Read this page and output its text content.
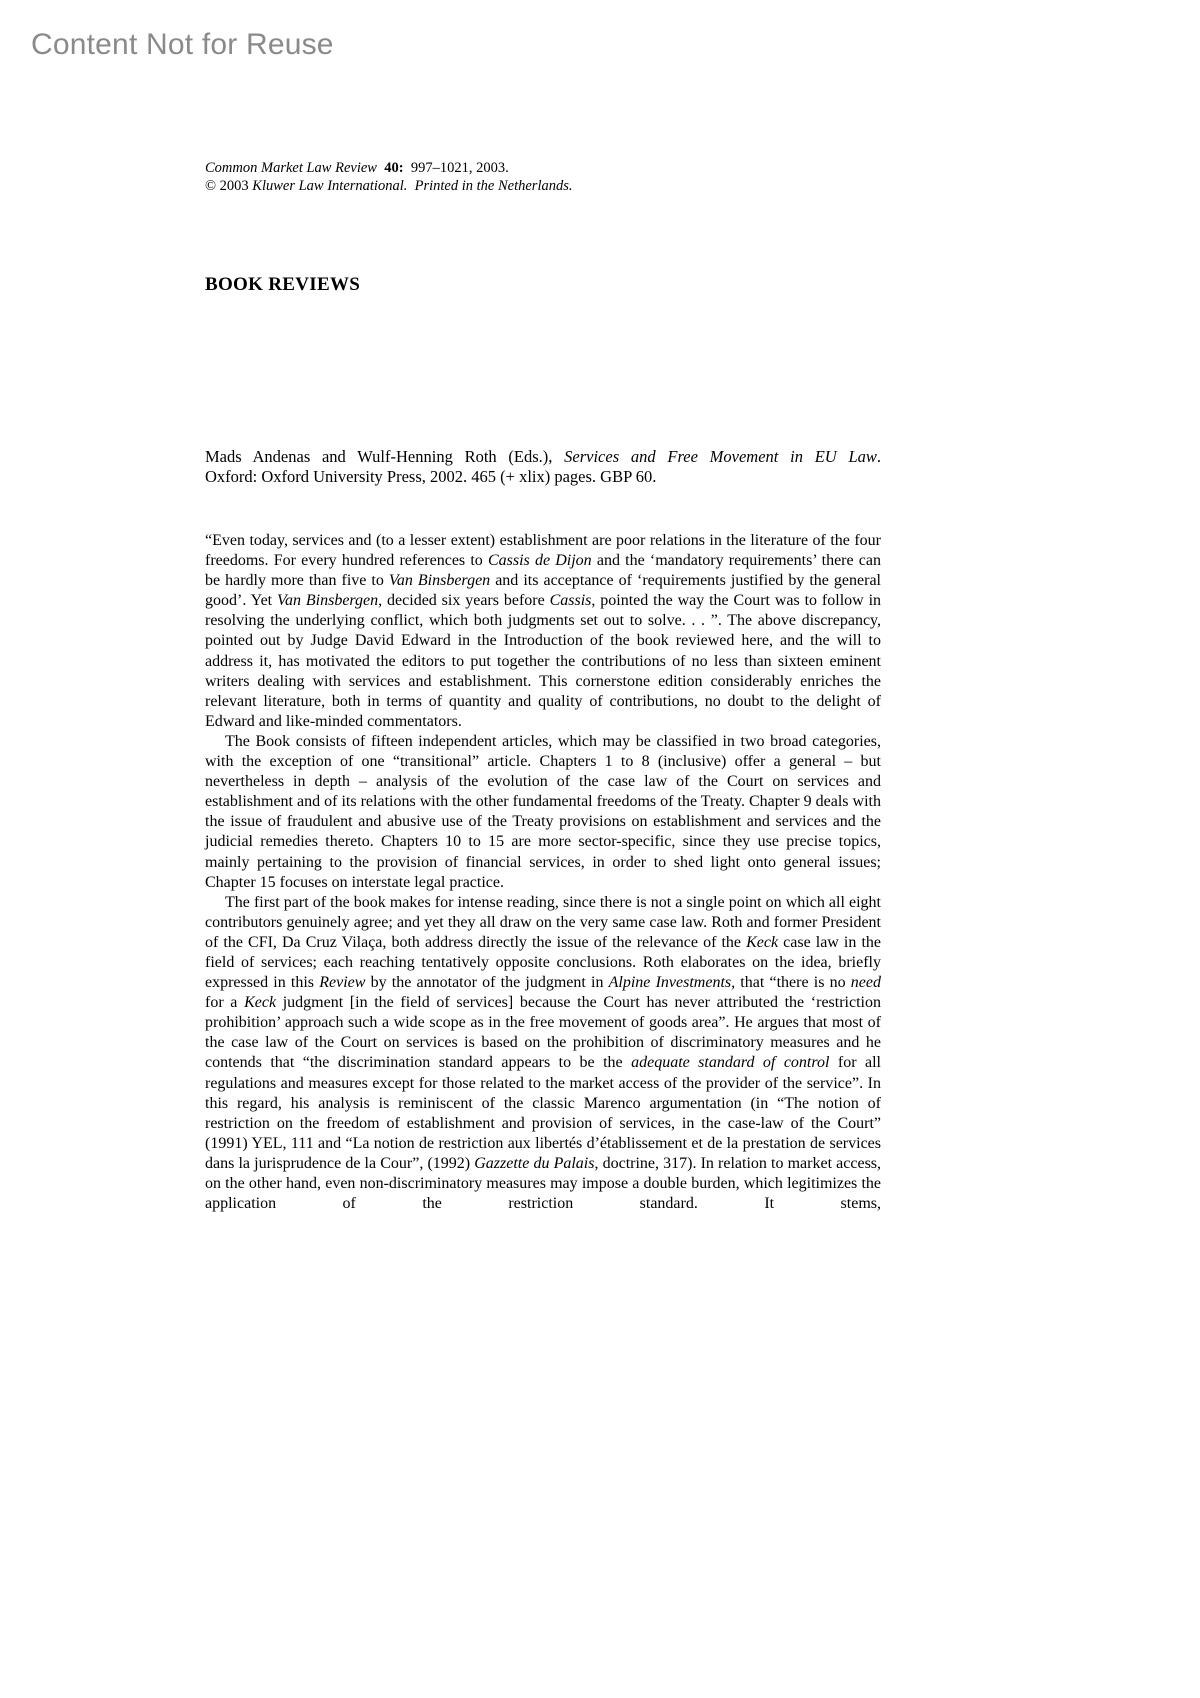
Content Not for Reuse
Common Market Law Review 40: 997–1021, 2003.
© 2003 Kluwer Law International. Printed in the Netherlands.
BOOK REVIEWS
Mads Andenas and Wulf-Henning Roth (Eds.), Services and Free Movement in EU Law.
Oxford: Oxford University Press, 2002. 465 (+ xlix) pages. GBP 60.

“Even today, services and (to a lesser extent) establishment are poor relations in the literature of the four freedoms. For every hundred references to Cassis de Dijon and the ‘mandatory requirements’ there can be hardly more than five to Van Binsbergen and its acceptance of ‘requirements justified by the general good’. Yet Van Binsbergen, decided six years before Cassis, pointed the way the Court was to follow in resolving the underlying conflict, which both judgments set out to solve. . . ”. The above discrepancy, pointed out by Judge David Edward in the Introduction of the book reviewed here, and the will to address it, has motivated the editors to put together the contributions of no less than sixteen eminent writers dealing with services and establishment. This cornerstone edition considerably enriches the relevant literature, both in terms of quantity and quality of contributions, no doubt to the delight of Edward and like-minded commentators.

The Book consists of fifteen independent articles, which may be classified in two broad categories, with the exception of one “transitional” article. Chapters 1 to 8 (inclusive) offer a general – but nevertheless in depth – analysis of the evolution of the case law of the Court on services and establishment and of its relations with the other fundamental freedoms of the Treaty. Chapter 9 deals with the issue of fraudulent and abusive use of the Treaty provisions on establishment and services and the judicial remedies thereto. Chapters 10 to 15 are more sector-specific, since they use precise topics, mainly pertaining to the provision of financial services, in order to shed light onto general issues; Chapter 15 focuses on interstate legal practice.

The first part of the book makes for intense reading, since there is not a single point on which all eight contributors genuinely agree; and yet they all draw on the very same case law. Roth and former President of the CFI, Da Cruz Vilaça, both address directly the issue of the relevance of the Keck case law in the field of services; each reaching tentatively opposite conclusions. Roth elaborates on the idea, briefly expressed in this Review by the annotator of the judgment in Alpine Investments, that “there is no need for a Keck judgment [in the field of services] because the Court has never attributed the ‘restriction prohibition’ approach such a wide scope as in the free movement of goods area”. He argues that most of the case law of the Court on services is based on the prohibition of discriminatory measures and he contends that “the discrimination standard appears to be the adequate standard of control for all regulations and measures except for those related to the market access of the provider of the service”. In this regard, his analysis is reminiscent of the classic Marenco argumentation (in “The notion of restriction on the freedom of establishment and provision of services, in the case-law of the Court” (1991) YEL, 111 and “La notion de restriction aux libertés d’établissement et de la prestation de services dans la jurisprudence de la Cour”, (1992) Gazzette du Palais, doctrine, 317). In relation to market access, on the other hand, even non-discriminatory measures may impose a double burden, which legitimizes the application of the restriction standard. It stems,
